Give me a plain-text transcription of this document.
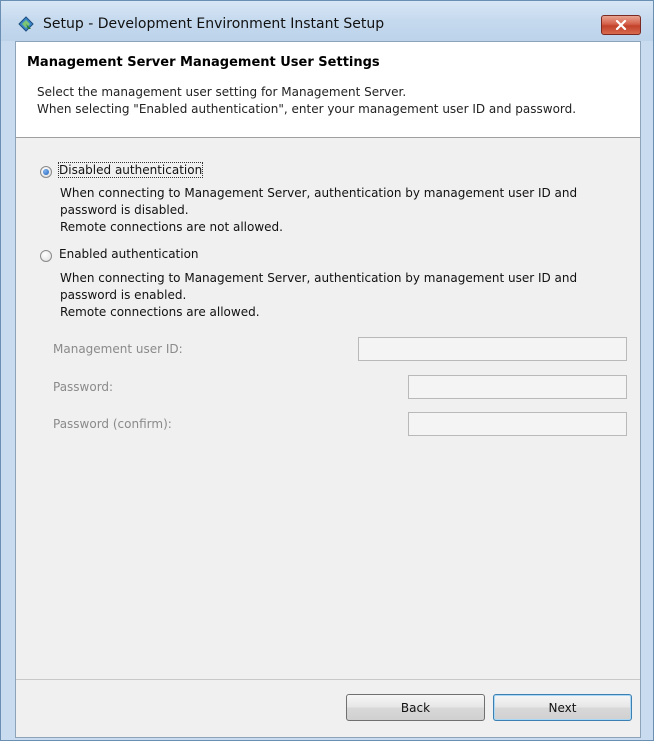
Setup - Development Environment Instant Setup
Management Server Management User Settings
Select the management user setting for Management Server.
When selecting "Enabled authentication", enter your management user ID and password.
Disabled authentication
When connecting to Management Server, authentication by management user ID and
password is disabled.
Remote connections are not allowed.
Enabled authentication
When connecting to Management Server, authentication by management user ID and
password is enabled.
Remote connections are allowed.
Management user ID:
Password:
Password (confirm):
Back	Next
